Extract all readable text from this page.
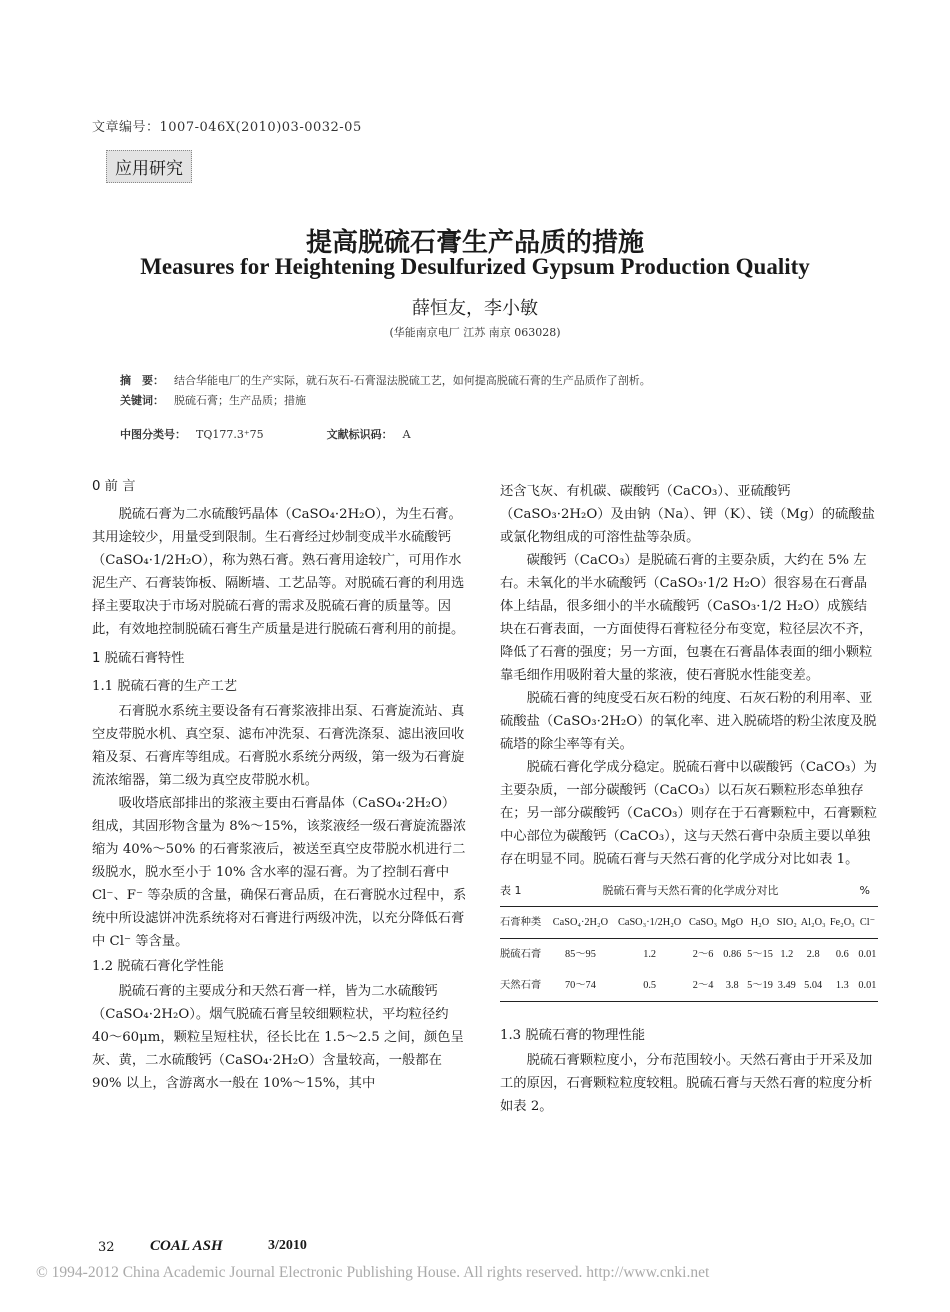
文章编号：1007-046X(2010)03-0032-05
应用研究
提高脱硫石膏生产品质的措施
Measures for Heightening Desulfurized Gypsum Production Quality
薛恒友，李小敏
(华能南京电厂 江苏 南京 063028)
摘　要： 结合华能电厂的生产实际，就石灰石-石膏湿法脱硫工艺，如何提高脱硫石膏的生产品质作了剖析。
关键词： 脱硫石膏；生产品质；措施
中图分类号： TQ177.3⁺75	文献标识码： A

0 前 言

脱硫石膏为二水硫酸钙晶体（CaSO₄·2H₂O），为生石膏。其用途较少，用量受到限制。生石膏经过炒制变成半水硫酸钙（CaSO₄·1/2H₂O），称为熟石膏。熟石膏用途较广，可用作水泥生产、石膏装饰板、隔断墙、工艺品等。对脱硫石膏的利用选择主要取决于市场对脱硫石膏的需求及脱硫石膏的质量等。因此，有效地控制脱硫石膏生产质量是进行脱硫石膏利用的前提。

1 脱硫石膏特性

1.1 脱硫石膏的生产工艺

石膏脱水系统主要设备有石膏浆液排出泵、石膏旋流站、真空皮带脱水机、真空泵、滤布冲洗泵、石膏洗涤泵、滤出液回收箱及泵、石膏库等组成。石膏脱水系统分两级，第一级为石膏旋流浓缩器，第二级为真空皮带脱水机。

吸收塔底部排出的浆液主要由石膏晶体（CaSO₄·2H₂O）组成，其固形物含量为 8%～15%，该浆液经一级石膏旋流器浓缩为 40%～50% 的石膏浆液后，被送至真空皮带脱水机进行二级脱水，脱水至小于 10% 含水率的湿石膏。为了控制石膏中 Cl⁻、F⁻ 等杂质的含量，确保石膏品质，在石膏脱水过程中，系统中所设滤饼冲洗系统将对石膏进行两级冲洗，以充分降低石膏中 Cl⁻ 等含量。

1.2 脱硫石膏化学性能

脱硫石膏的主要成分和天然石膏一样，皆为二水硫酸钙（CaSO₄·2H₂O）。烟气脱硫石膏呈较细颗粒状，平均粒径约 40～60μm，颗粒呈短柱状，径长比在 1.5～2.5 之间，颜色呈灰、黄，二水硫酸钙（CaSO₄·2H₂O）含量较高，一般都在 90% 以上，含游离水一般在 10%～15%，其中

还含飞灰、有机碳、碳酸钙（CaCO₃）、亚硫酸钙（CaSO₃·2H₂O）及由钠（Na）、钾（K）、镁（Mg）的硫酸盐或氯化物组成的可溶性盐等杂质。

碳酸钙（CaCO₃）是脱硫石膏的主要杂质，大约在 5% 左右。未氧化的半水硫酸钙（CaSO₃·1/2 H₂O）很容易在石膏晶体上结晶，很多细小的半水硫酸钙（CaSO₃·1/2 H₂O）成簇结块在石膏表面，一方面使得石膏粒径分布变宽，粒径层次不齐，降低了石膏的强度；另一方面，包裹在石膏晶体表面的细小颗粒靠毛细作用吸附着大量的浆液，使石膏脱水性能变差。

脱硫石膏的纯度受石灰石粉的纯度、石灰石粉的利用率、亚硫酸盐（CaSO₃·2H₂O）的氧化率、进入脱硫塔的粉尘浓度及脱硫塔的除尘率等有关。

脱硫石膏化学成分稳定。脱硫石膏中以碳酸钙（CaCO₃）为主要杂质，一部分碳酸钙（CaCO₃）以石灰石颗粒形态单独存在；另一部分碳酸钙（CaCO₃）则存在于石膏颗粒中，石膏颗粒中心部位为碳酸钙（CaCO₃），这与天然石膏中杂质主要以单独存在明显不同。脱硫石膏与天然石膏的化学成分对比如表 1。

表 1	脱硫石膏与天然石膏的化学成分对比	%
石膏种类	CaSO₄·2H₂O	CaSO₃·1/2H₂O	CaSO₃	MgO	H₂O	SIO₂	Al₂O₃	Fe₂O₃	Cl⁻
脱硫石膏	85～95	1.2	2～6	0.86	5～15	1.2	2.8	0.6	0.01
天然石膏	70～74	0.5	2～4	3.8	5～19	3.49	5.04	1.3	0.01

1.3 脱硫石膏的物理性能

脱硫石膏颗粒度小，分布范围较小。天然石膏由于开采及加工的原因，石膏颗粒粒度较粗。脱硫石膏与天然石膏的粒度分析如表 2。

32 COAL ASH	3/2010
© 1994-2012 China Academic Journal Electronic Publishing House. All rights reserved. http://www.cnki.net
